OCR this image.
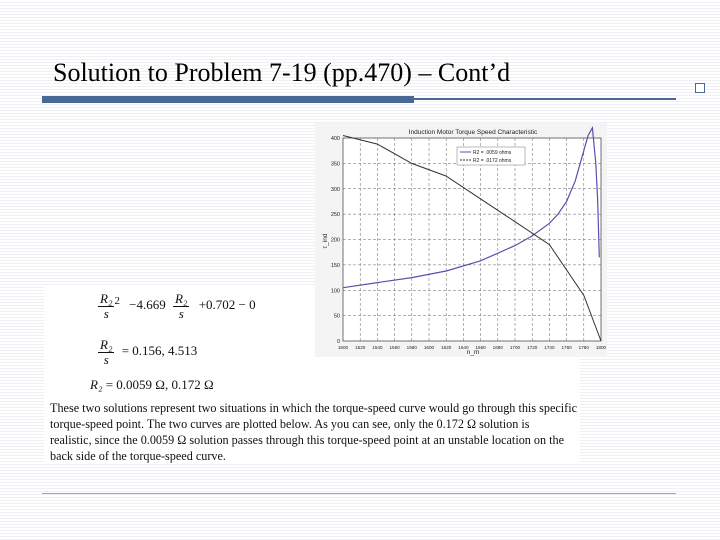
Solution to Problem 7-19 (pp.470) – Cont’d
$\frac{\text{R₂}}{s} ^2 -4.669 \frac{\text{R₂}}{s} +0.702 - 0$
$\frac{\text{R₂}}{s} = 0.156$, 4.513
R₂ = 0.0059 Ω, 0.172 Ω
These two solutions represent two situations in which the torque-speed curve would go through this specific
torque-speed point. The two curves are plotted below. As you can see, only the 0.172 Ω solution is
realistic, since the 0.0059 Ω solution passes through this torque-speed point at an unstable location on the
back side of the torque-speed curve.
0
50
100
150
200
250
300
350
400
1500 1520 1540 1560 1580 1600 1620 1640 1660 1680 1700 1720 1740 1760 1780 1800
Induction Motor Torque Speed Characteristic
τ_ind
n_m
R2 = .0059 ohms
R2 = .0172 ohms
